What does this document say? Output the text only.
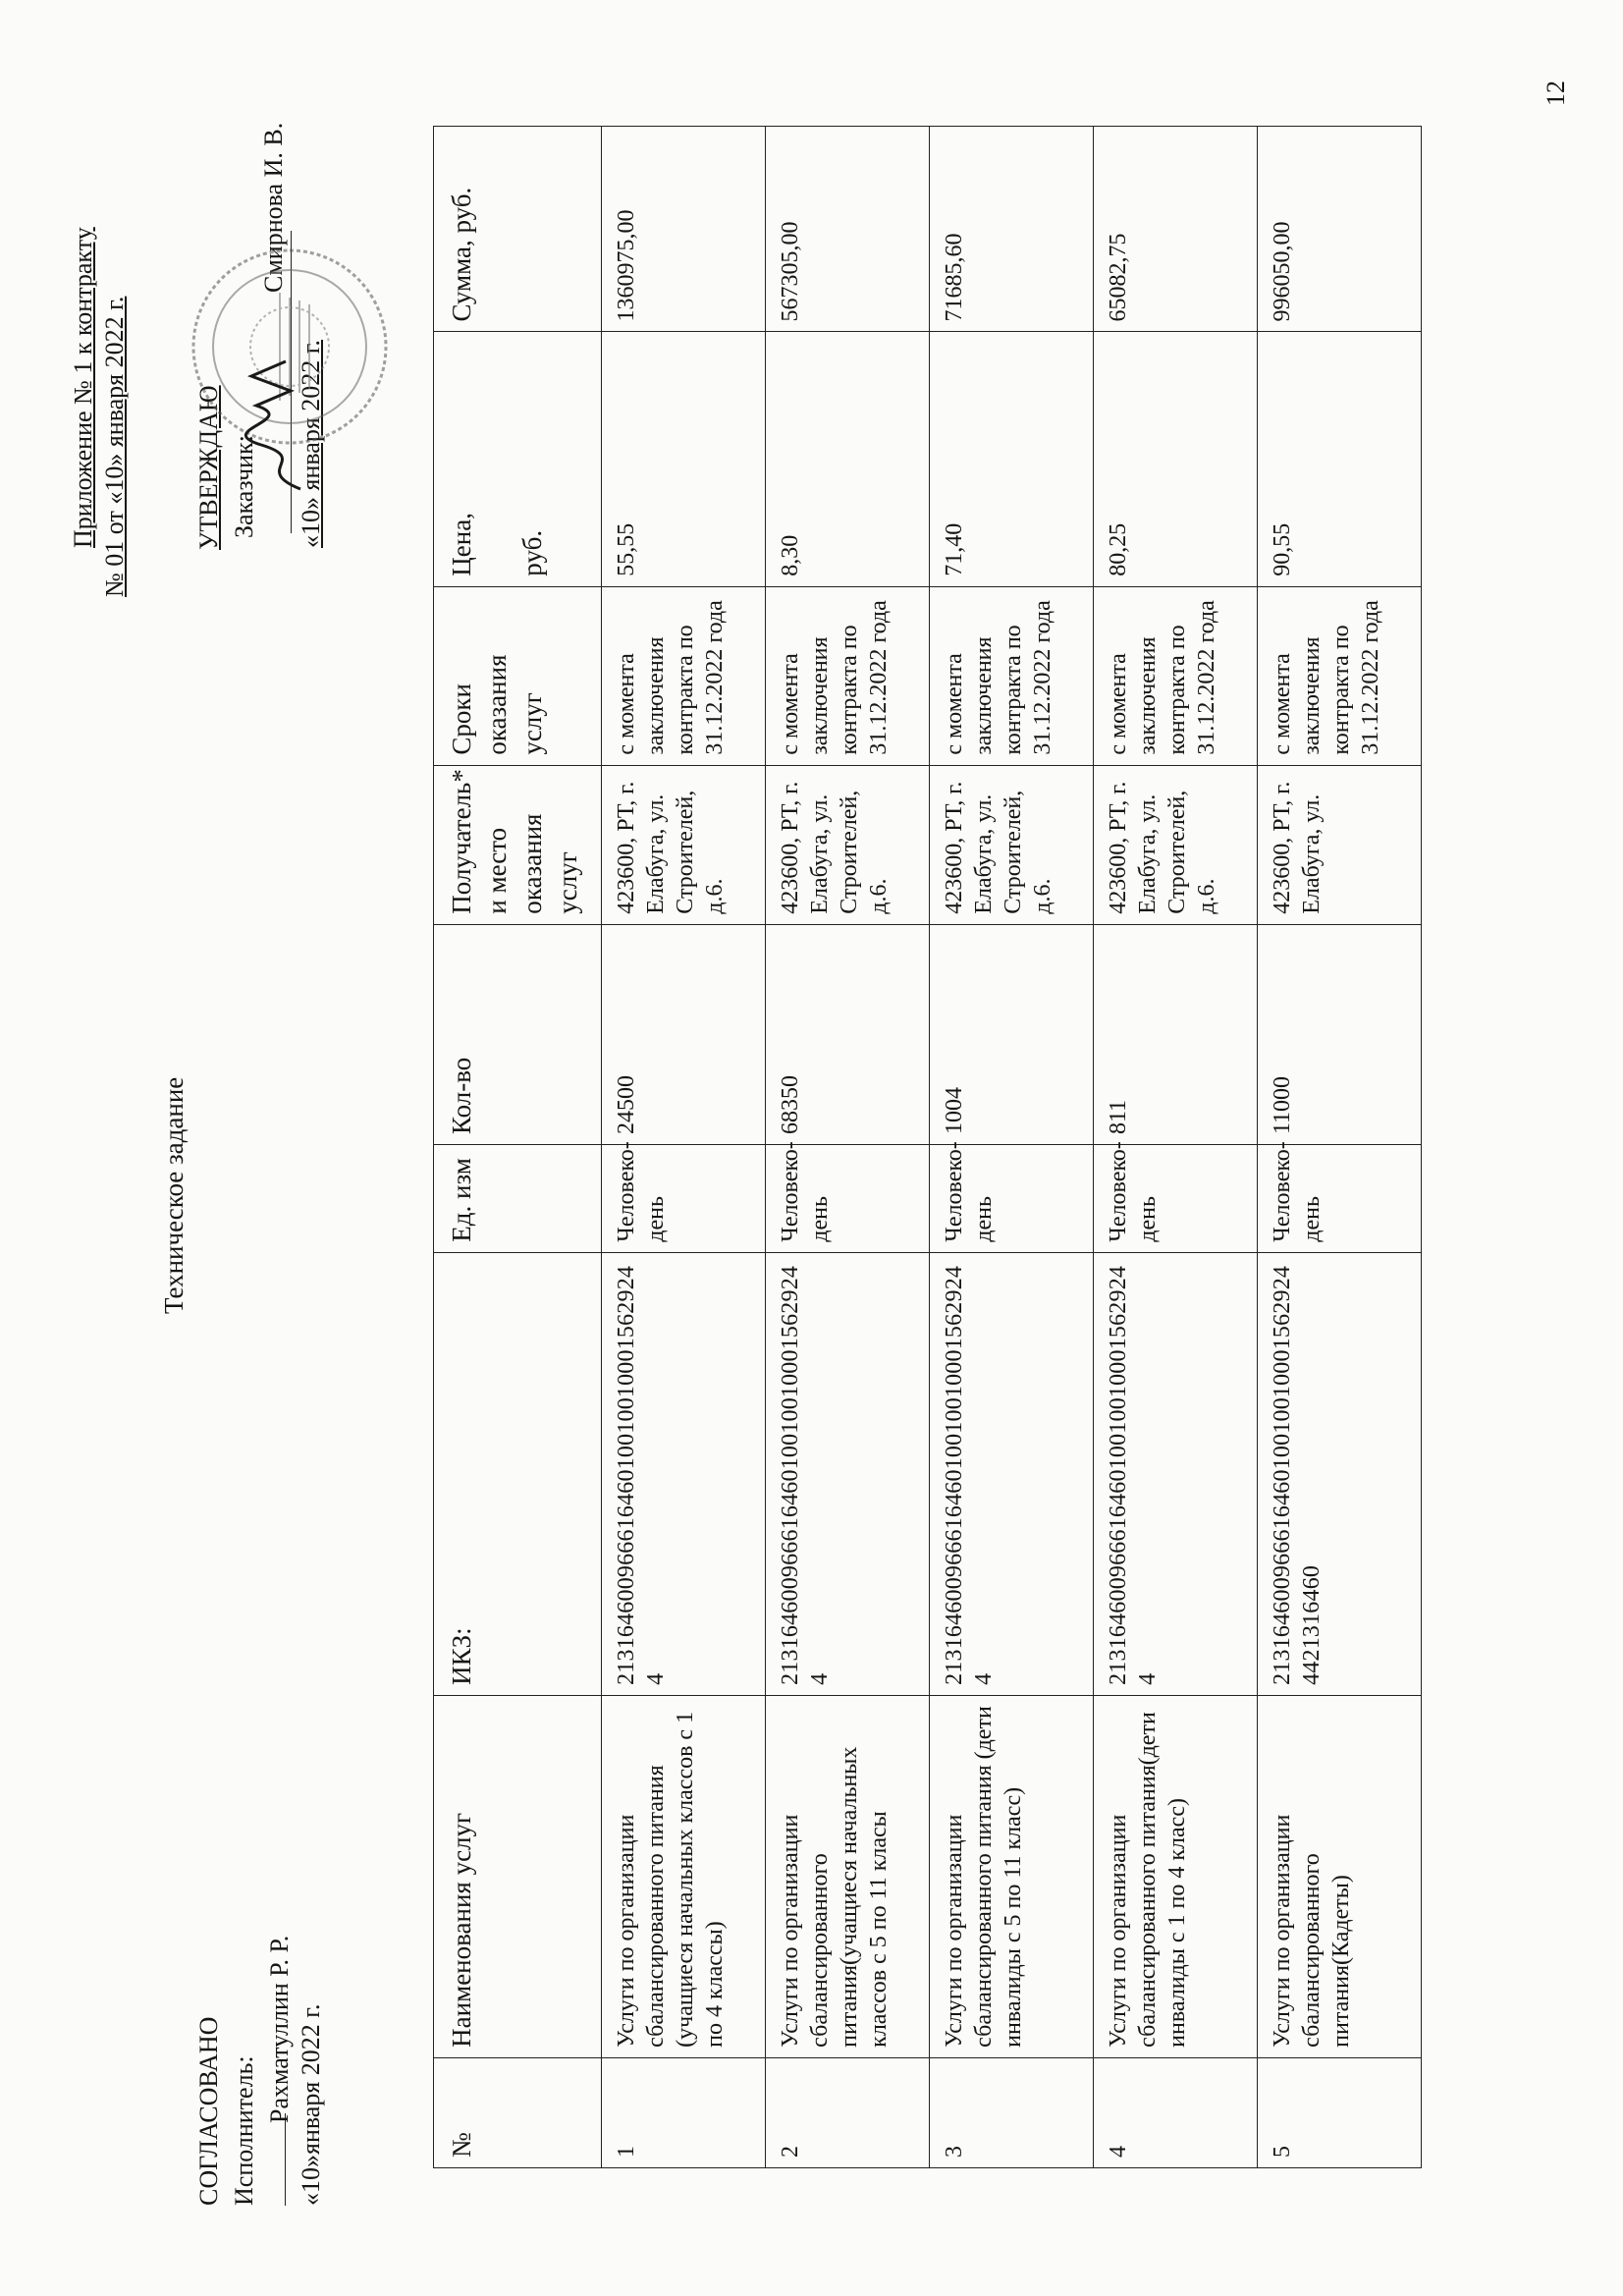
12
Приложение № 1 к контракту № 01 от «10» января 2022 г.	УТВЕРЖДАЮ Заказчик:
Смирнова И. В.
«10» января 2022 г.
СОГЛАСОВАНО Исполнитель:
Рахматуллин Р. Р. «10»января 2022 г.
Техническое задание
№	Наименования услуг	ИКЗ:	Ед. изм	Кол-во	Получатель* и место оказания услуг	Сроки оказания услуг	Цена, руб.	Сумма, руб.
1	Услуги по организации сбалансированного питания (учащиеся начальных классов с 1 по 4 классы)	213164600966616460100100100015629244	Человеко-день	24500	423600, РТ, г. Елабуга, ул. Строителей, д.6.	с момента заключения контракта по 31.12.2022 года	55,55	1360975,00
2	Услуги по организации сбалансированного питания(учащиеся начальных классов с 5 по 11 класы	213164600966616460100100100015629244	Человеко-день	68350	423600, РТ, г. Елабуга, ул. Строителей, д.6.	с момента заключения контракта по 31.12.2022 года	8,30	567305,00
3	Услуги по организации сбалансированного питания (дети инвалиды с 5 по 11 класс)	213164600966616460100100100015629244	Человеко-день	1004	423600, РТ, г. Елабуга, ул. Строителей, д.6.	с момента заключения контракта по 31.12.2022 года	71,40	71685,60
4	Услуги по организации сбалансированного питания(дети инвалиды с 1 по 4 класс)	213164600966616460100100100015629244	Человеко-день	811	423600, РТ, г. Елабуга, ул. Строителей, д.6.	с момента заключения контракта по 31.12.2022 года	80,25	65082,75
5	Услуги по организации сбалансированного питания(Кадеты)	213164600966616460100100100015629244421316460	Человеко-день	11000	423600, РТ, г. Елабуга, ул.	с момента заключения контракта по 31.12.2022 года	90,55	996050,00
